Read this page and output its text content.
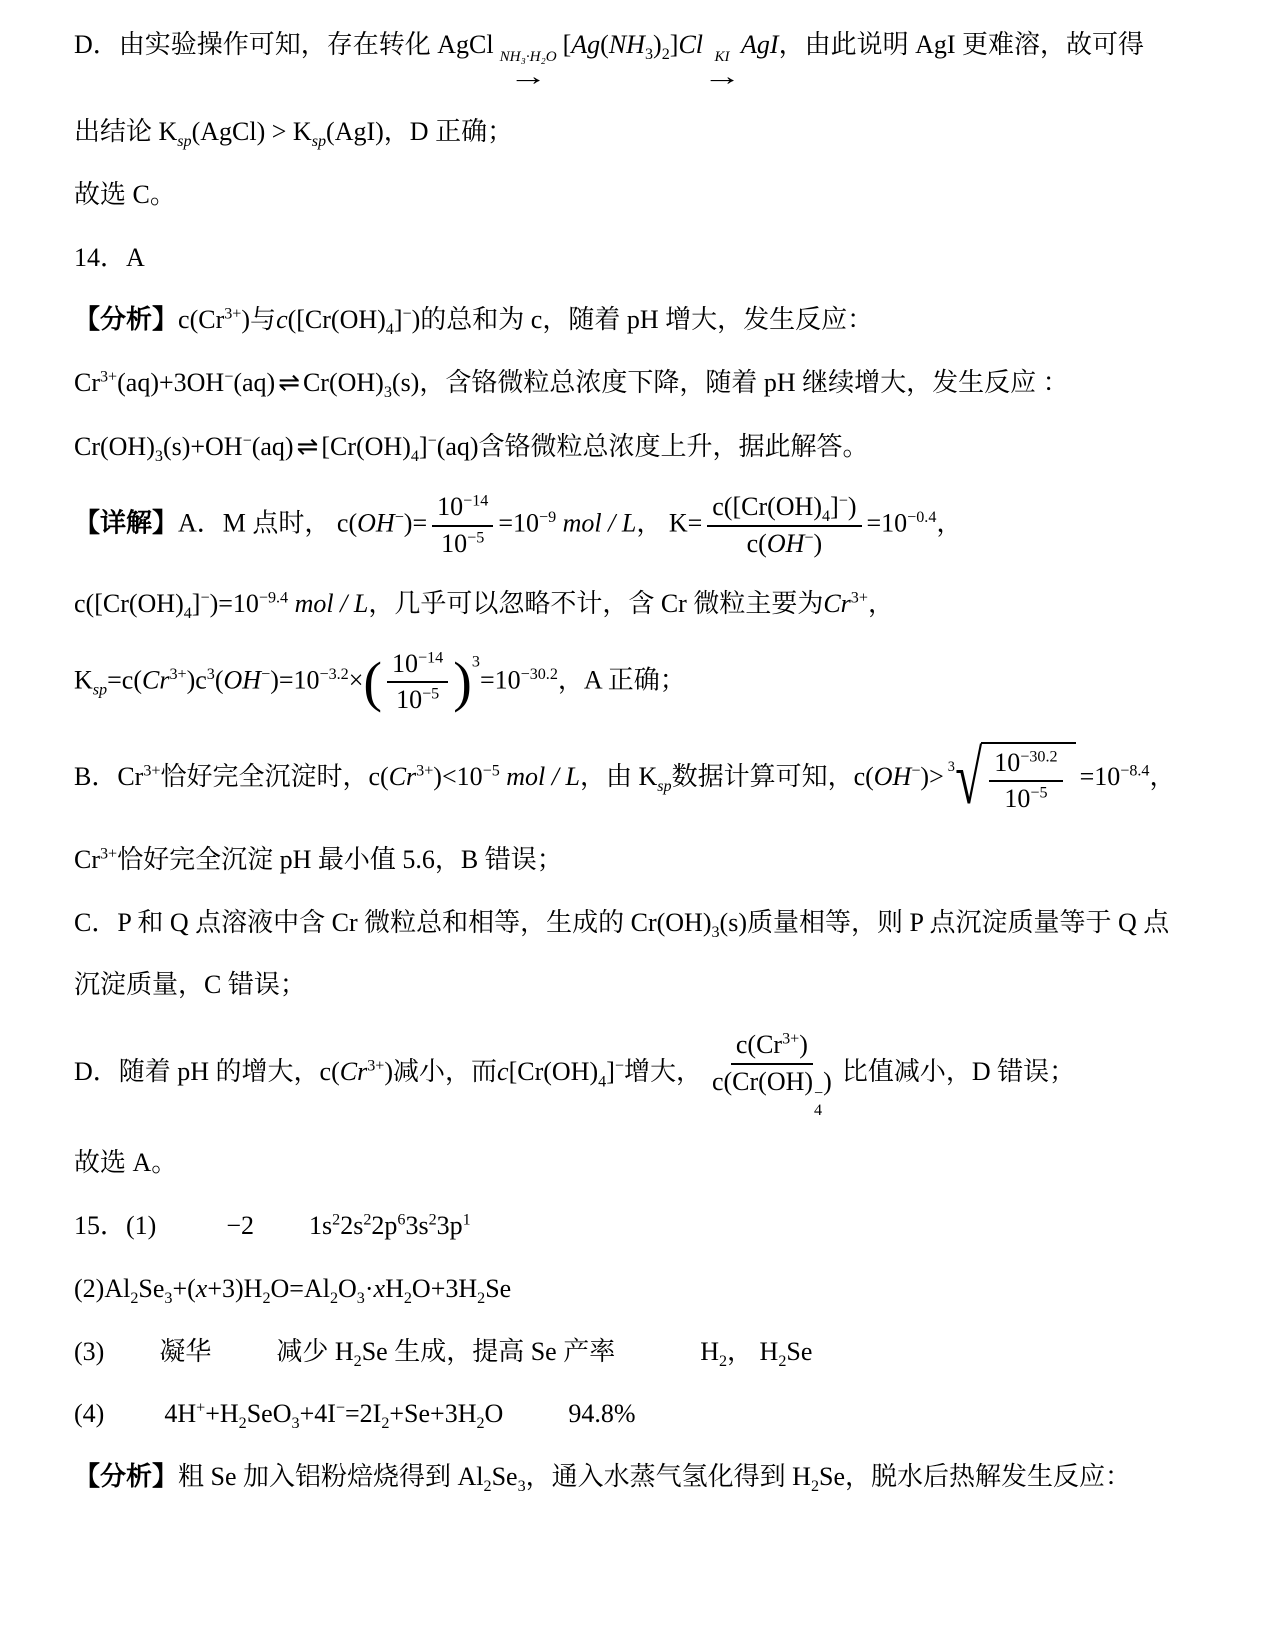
D．由实验操作可知，存在转化 AgCl NH₃·H₂O
→
$[Ag(NH_3)_2]Cl$ KI
→
AgI，由此说明 AgI 更难溶，故可得
出结论 $K_{sp}(AgCl) > K_{sp}(AgI)$，D 正确；
故选 C。
14．A
【分析】$c(Cr^{3+})$与$c([Cr(OH)_4]^-)$的总和为 c，随着 pH 增大，发生反应：
$Cr^{3+}(aq)+3OH^-(aq)$ ⇌ $Cr(OH)_3(s)$，含铬微粒总浓度下降，随着 pH 继续增大，发生反应 ：
$Cr(OH)_3(s)+OH^-(aq)$ ⇌ $[Cr(OH)_4]^-(aq)$含铬微粒总浓度上升，据此解答。
【详解】A．M 点时， $c(OH^-)= \frac{10^{-14}}{10^{-5}} =10^{-9}$ mol / L， $K= \frac{c([Cr(OH)_4]^-)}{c(OH^-)} =10^{-0.4}$，
$c([Cr(OH)_4]^-)=10^{-9.4}$ mol / L，几乎可以忽略不计，含 Cr 微粒主要为$Cr^{3+}$，
$K_{sp}=c(Cr^{3+})c^3(OH^-)=10^{-3.2}\times( \frac{10^{-14}}{10^{-5}} )^3=10^{-30.2}$，A 正确；
B．$Cr^{3+}$恰好完全沉淀时，$c(Cr^{3+})<10^{-5}$ mol / L，由 $K_{sp}$数据计算可知，c(OH−)> 3 √ $\frac{10^{-30.2}}{10^{-5}} =10^{-8.4}$，
$Cr^{3+}$恰好完全沉淀 pH 最小值 5.6，B 错误；
C．P 和 Q 点溶液中含 Cr 微粒总和相等，生成的 $Cr(OH)_3(s)$质量相等，则 P 点沉淀质量等于 Q 点
沉淀质量，C 错误；
D．随着 pH 的增大，$c(Cr^{3+})$减小，而$c[Cr(OH)_4]^-$增大， $c(Cr^{3+})$
c(Cr(OH) −
4
) 比值减小，D 错误；
故选 A。
15．(1)	−2 $1s^22s^22p^63s^23p^1$
$(2)Al_2Se_3+(x+3)H_2O=Al_2O_3\cdot xH_2O+3H_2Se$
(3) 凝华	减少 $H_2Se$ 生成，提高 Se 产率	$H_2$， $H_2Se$
(4) $4H^++H_2SeO_3+4I^-=2I_2+Se+3H_2O$	94.8%
【分析】粗 Se 加入铝粉焙烧得到 $Al_2Se_3$，通入水蒸气氢化得到 $H_2Se$，脱水后热解发生反应：
